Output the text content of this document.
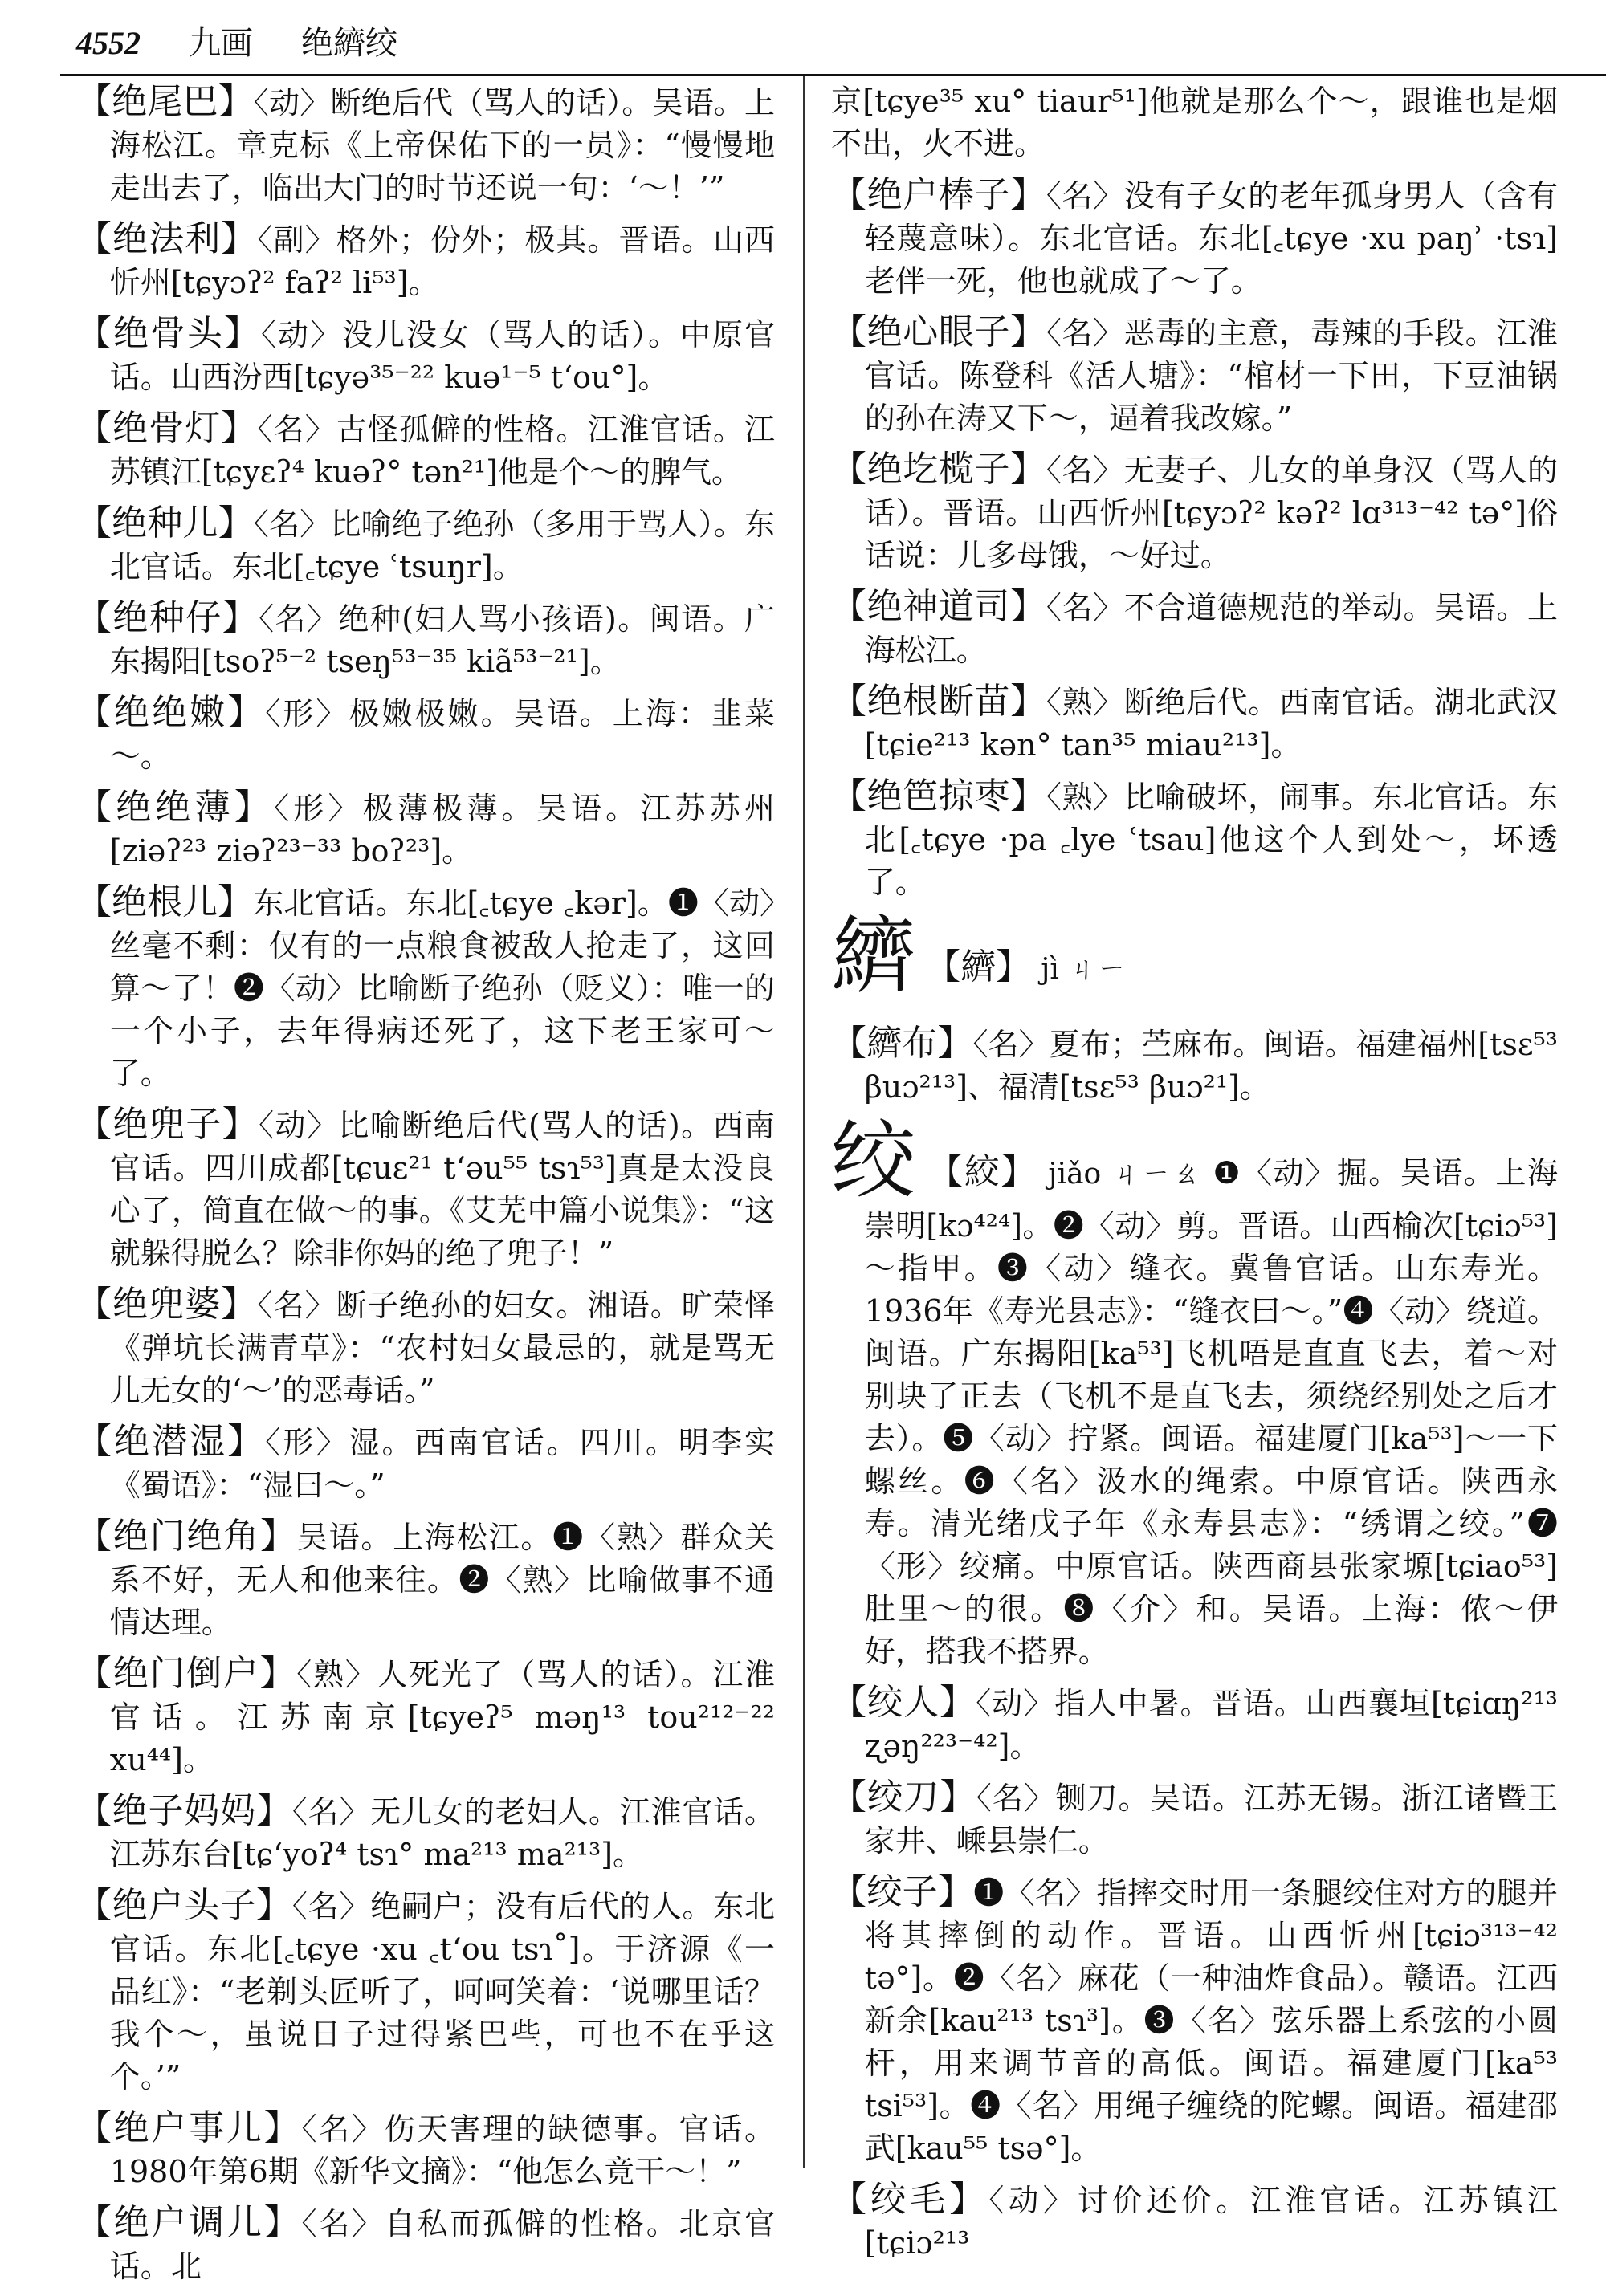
4552 九画 绝纃绞

【绝尾巴】〈动〉断绝后代（骂人的话）。吴语。上海松江。章克标《上帝保佑下的一员》：“慢慢地走出去了，临出大门的时节还说一句：‘～！’”

【绝法利】〈副〉格外；份外；极其。晋语。山西忻州[tɕyɔʔ² faʔ² li⁵³]。

【绝骨头】〈动〉没儿没女（骂人的话）。中原官话。山西汾西[tɕyə³⁵⁻²² kuə¹⁻⁵ tʻou°]。

【绝骨灯】〈名〉古怪孤僻的性格。江淮官话。江苏镇江[tɕyɛʔ⁴ kuəʔ° tən²¹]他是个～的脾气。

【绝种儿】〈名〉比喻绝子绝孙（多用于骂人）。东北官话。东北[꜀tɕye ʿtsuŋr]。

【绝种仔】〈名〉绝种(妇人骂小孩语)。闽语。广东揭阳[tsoʔ⁵⁻² tseŋ⁵³⁻³⁵ kiã⁵³⁻²¹]。

【绝绝嫩】〈形〉极嫩极嫩。吴语。上海：韭菜～。

【绝绝薄】〈形〉极薄极薄。吴语。江苏苏州[ziəʔ²³ ziəʔ²³⁻³³ boʔ²³]。

【绝根儿】东北官话。东北[꜀tɕye ꜀kər]。❶〈动〉丝毫不剩：仅有的一点粮食被敌人抢走了，这回算～了！❷〈动〉比喻断子绝孙（贬义）：唯一的一个小子，去年得病还死了，这下老王家可～了。

【绝兜子】〈动〉比喻断绝后代(骂人的话)。西南官话。四川成都[tɕuɛ²¹ tʻəu⁵⁵ tsɿ⁵³]真是太没良心了，简直在做～的事。《艾芜中篇小说集》：“这就躲得脱么？除非你妈的绝了兜子！”

【绝兜婆】〈名〉断子绝孙的妇女。湘语。旷荣怿《弹坑长满青草》：“农村妇女最忌的，就是骂无儿无女的‘～’的恶毒话。”

【绝潜湿】〈形〉湿。西南官话。四川。明李实《蜀语》：“湿曰～。”

【绝门绝角】吴语。上海松江。❶〈熟〉群众关系不好，无人和他来往。❷〈熟〉比喻做事不通情达理。

【绝门倒户】〈熟〉人死光了（骂人的话）。江淮官话。江苏南京[tɕyeʔ⁵ məŋ¹³ tou²¹²⁻²² xu⁴⁴]。

【绝子妈妈】〈名〉无儿女的老妇人。江淮官话。江苏东台[tɕʻyoʔ⁴ tsɿ° ma²¹³ ma²¹³]。

【绝户头子】〈名〉绝嗣户；没有后代的人。东北官话。东北[꜀tɕye ·xu ꜀tʻou tsɿ˚]。于济源《一品红》：“老剃头匠听了，呵呵笑着：‘说哪里话？我个～，虽说日子过得紧巴些，可也不在乎这个。’”

【绝户事儿】〈名〉伤天害理的缺德事。官话。1980年第6期《新华文摘》：“他怎么竟干～！”

【绝户调儿】〈名〉自私而孤僻的性格。北京官话。北

京[tɕye³⁵ xu° tiaur⁵¹]他就是那么个～，跟谁也是烟不出，火不进。

【绝户棒子】〈名〉没有子女的老年孤身男人（含有轻蔑意味）。东北官话。东北[꜀tɕye ·xu paŋʾ ·tsɿ]老伴一死，他也就成了～了。

【绝心眼子】〈名〉恶毒的主意，毒辣的手段。江淮官话。陈登科《活人塘》：“棺材一下田，下豆油锅的孙在涛又下～，逼着我改嫁。”

【绝圪榄子】〈名〉无妻子、儿女的单身汉（骂人的话）。晋语。山西忻州[tɕyɔʔ² kəʔ² lɑ³¹³⁻⁴² tə°]俗话说：儿多母饿，～好过。

【绝神道司】〈名〉不合道德规范的举动。吴语。上海松江。

【绝根断苗】〈熟〉断绝后代。西南官话。湖北武汉[tɕie²¹³ kən° tan³⁵ miau²¹³]。

【绝笆掠枣】〈熟〉比喻破坏，闹事。东北官话。东北[꜀tɕye ·pa ꜀lye ʿtsau]他这个人到处～，坏透了。

纃 【纃】 jì ㄐㄧ

【纃布】〈名〉夏布；苎麻布。闽语。福建福州[tsɛ⁵³ βuɔ²¹³]、福清[tsɛ⁵³ βuɔ²¹]。

绞 【絞】 jiǎo ㄐㄧㄠ ❶〈动〉掘。吴语。上海崇明[kɔ⁴²⁴]。❷〈动〉剪。晋语。山西榆次[tɕiɔ⁵³]～指甲。❸〈动〉缝衣。冀鲁官话。山东寿光。1936年《寿光县志》：“缝衣曰～。”❹〈动〉绕道。闽语。广东揭阳[ka⁵³]飞机唔是直直飞去，着～对别块了正去（飞机不是直飞去，须绕经别处之后才去）。❺〈动〉拧紧。闽语。福建厦门[ka⁵³]～一下螺丝。❻〈名〉汲水的绳索。中原官话。陕西永寿。清光绪戊子年《永寿县志》：“绣谓之绞。”❼〈形〉绞痛。中原官话。陕西商县张家塬[tɕiao⁵³]肚里～的很。❽〈介〉和。吴语。上海：侬～伊好，搭我不搭界。

【绞人】〈动〉指人中暑。晋语。山西襄垣[tɕiɑŋ²¹³ ʐəŋ²²³⁻⁴²]。

【绞刀】〈名〉铡刀。吴语。江苏无锡。浙江诸暨王家井、嵊县崇仁。

【绞子】❶〈名〉指摔交时用一条腿绞住对方的腿并将其摔倒的动作。晋语。山西忻州[tɕiɔ³¹³⁻⁴² tə°]。❷〈名〉麻花（一种油炸食品）。赣语。江西新余[kau²¹³ tsɿ³]。❸〈名〉弦乐器上系弦的小圆杆，用来调节音的高低。闽语。福建厦门[ka⁵³ tsi⁵³]。❹〈名〉用绳子缠绕的陀螺。闽语。福建邵武[kau⁵⁵ tsə°]。

【绞毛】〈动〉讨价还价。江淮官话。江苏镇江[tɕiɔ²¹³
